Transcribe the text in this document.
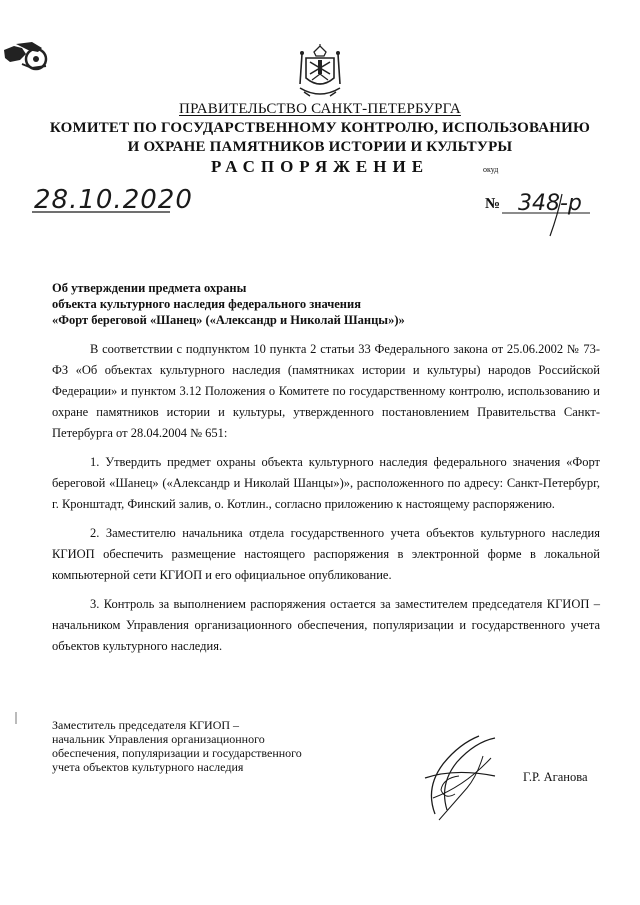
ПРАВИТЕЛЬСТВО САНКТ-ПЕТЕРБУРГА
КОМИТЕТ ПО ГОСУДАРСТВЕННОМУ КОНТРОЛЮ, ИСПОЛЬЗОВАНИЮ
И ОХРАНЕ ПАМЯТНИКОВ ИСТОРИИ И КУЛЬТУРЫ
РАСПОРЯЖЕНИЕ	окуд
28.10.2020	№ 348-р
Об утверждении предмета охраны
объекта культурного наследия федерального значения
«Форт береговой «Шанец» («Александр и Николай Шанцы»)»

В соответствии с подпунктом 10 пункта 2 статьи 33 Федерального закона от 25.06.2002 № 73-ФЗ «Об объектах культурного наследия (памятниках истории и культуры) народов Российской Федерации» и пунктом 3.12 Положения о Комитете по государственному контролю, использованию и охране памятников истории и культуры, утвержденного постановлением Правительства Санкт-Петербурга от 28.04.2004 № 651:

1. Утвердить предмет охраны объекта культурного наследия федерального значения «Форт береговой «Шанец» («Александр и Николай Шанцы»)», расположенного по адресу: Санкт-Петербург, г. Кронштадт, Финский залив, о. Котлин., согласно приложению к настоящему распоряжению.

2. Заместителю начальника отдела государственного учета объектов культурного наследия КГИОП обеспечить размещение настоящего распоряжения в электронной форме в локальной компьютерной сети КГИОП и его официальное опубликование.

3. Контроль за выполнением распоряжения остается за заместителем председателя КГИОП – начальником Управления организационного обеспечения, популяризации и государственного учета объектов культурного наследия.

Заместитель председателя КГИОП –
начальник Управления организационного
обеспечения, популяризации и государственного
учета объектов культурного наследия
Г.Р. Аганова
